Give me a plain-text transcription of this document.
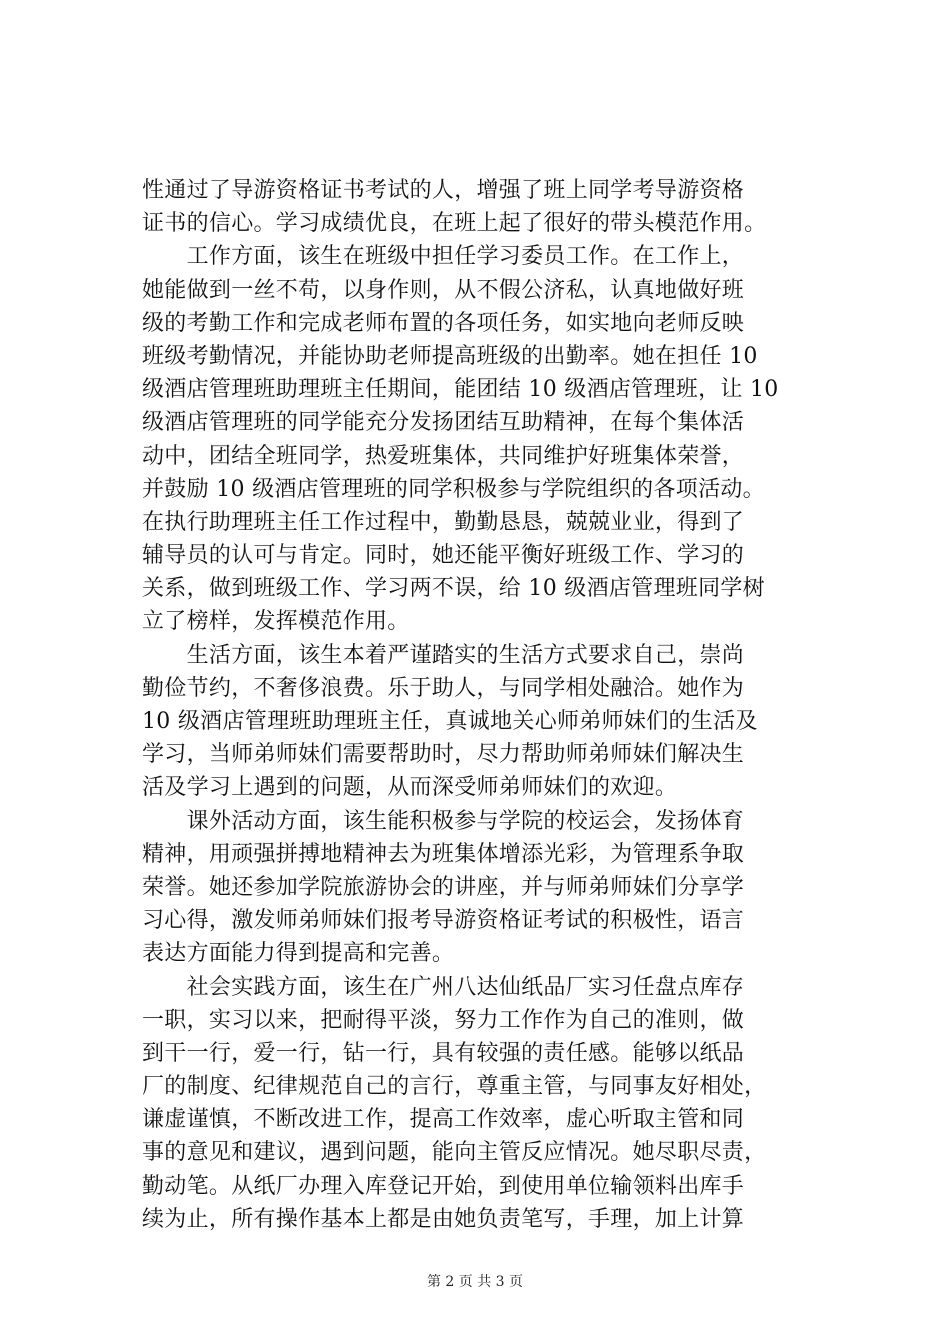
性通过了导游资格证书考试的人，增强了班上同学考导游资格
证书的信心。学习成绩优良，在班上起了很好的带头模范作用。
　　工作方面，该生在班级中担任学习委员工作。在工作上，
她能做到一丝不苟，以身作则，从不假公济私，认真地做好班
级的考勤工作和完成老师布置的各项任务，如实地向老师反映
班级考勤情况，并能协助老师提高班级的出勤率。她在担任 10
级酒店管理班助理班主任期间，能团结 10 级酒店管理班，让 10
级酒店管理班的同学能充分发扬团结互助精神，在每个集体活
动中，团结全班同学，热爱班集体，共同维护好班集体荣誉，
并鼓励 10 级酒店管理班的同学积极参与学院组织的各项活动。
在执行助理班主任工作过程中，勤勤恳恳，兢兢业业，得到了
辅导员的认可与肯定。同时，她还能平衡好班级工作、学习的
关系，做到班级工作、学习两不误，给 10 级酒店管理班同学树
立了榜样，发挥模范作用。
　　生活方面，该生本着严谨踏实的生活方式要求自己，崇尚
勤俭节约，不奢侈浪费。乐于助人，与同学相处融洽。她作为
10 级酒店管理班助理班主任，真诚地关心师弟师妹们的生活及
学习，当师弟师妹们需要帮助时，尽力帮助师弟师妹们解决生
活及学习上遇到的问题，从而深受师弟师妹们的欢迎。
　　课外活动方面，该生能积极参与学院的校运会，发扬体育
精神，用顽强拼搏地精神去为班集体增添光彩，为管理系争取
荣誉。她还参加学院旅游协会的讲座，并与师弟师妹们分享学
习心得，激发师弟师妹们报考导游资格证考试的积极性，语言
表达方面能力得到提高和完善。
　　社会实践方面，该生在广州八达仙纸品厂实习任盘点库存
一职，实习以来，把耐得平淡，努力工作作为自己的准则，做
到干一行，爱一行，钻一行，具有较强的责任感。能够以纸品
厂的制度、纪律规范自己的言行，尊重主管，与同事友好相处，
谦虚谨慎，不断改进工作，提高工作效率，虚心听取主管和同
事的意见和建议，遇到问题，能向主管反应情况。她尽职尽责，
勤动笔。从纸厂办理入库登记开始，到使用单位输领料出库手
续为止，所有操作基本上都是由她负责笔写，手理，加上计算
第 2 页 共 3 页
